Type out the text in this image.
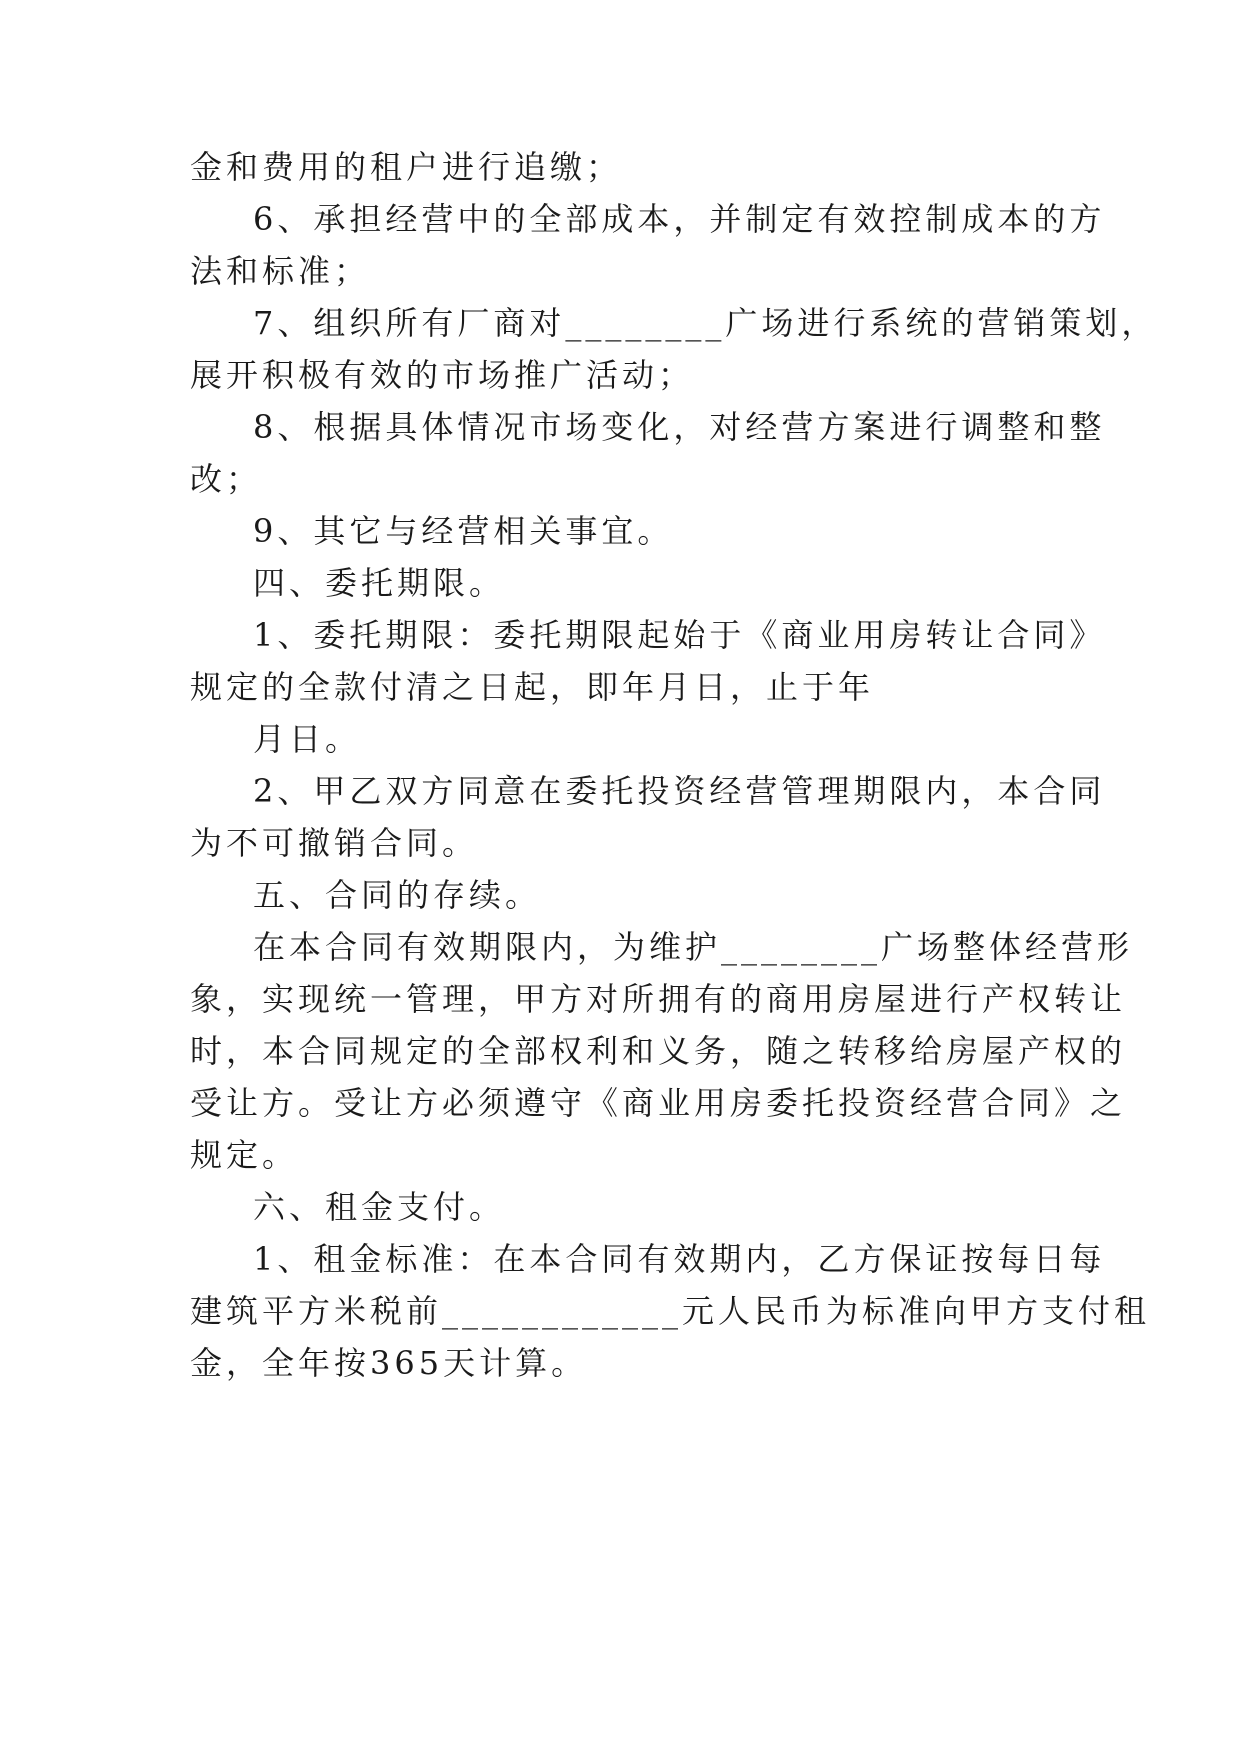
金和费用的租户进行追缴；
6、承担经营中的全部成本，并制定有效控制成本的方
法和标准；
7、组织所有厂商对________广场进行系统的营销策划，
展开积极有效的市场推广活动；
8、根据具体情况市场变化，对经营方案进行调整和整
改；
9、其它与经营相关事宜。
四、委托期限。
1、委托期限：委托期限起始于《商业用房转让合同》
规定的全款付清之日起，即年月日，止于年
月日。
2、甲乙双方同意在委托投资经营管理期限内，本合同
为不可撤销合同。
五、合同的存续。
在本合同有效期限内，为维护________广场整体经营形
象，实现统一管理，甲方对所拥有的商用房屋进行产权转让
时，本合同规定的全部权利和义务，随之转移给房屋产权的
受让方。受让方必须遵守《商业用房委托投资经营合同》之
规定。
六、租金支付。
1、租金标准：在本合同有效期内，乙方保证按每日每
建筑平方米税前____________元人民币为标准向甲方支付租
金，全年按365天计算。
